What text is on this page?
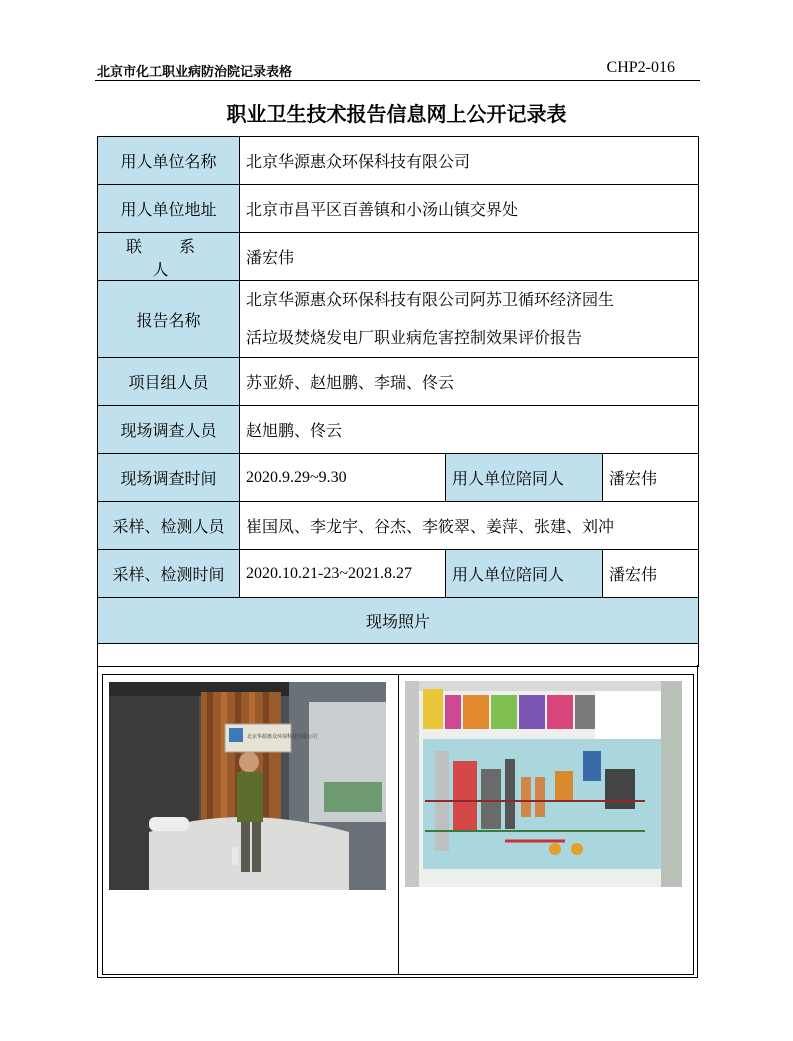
北京市化工职业病防治院记录表格	CHP2-016
职业卫生技术报告信息网上公开记录表
用人单位名称	北京华源惠众环保科技有限公司		
用人单位地址	北京市昌平区百善镇和小汤山镇交界处		
联 系 人	潘宏伟		
报告名称	北京华源惠众环保科技有限公司阿苏卫循环经济园生
活垃圾焚烧发电厂职业病危害控制效果评价报告		

项目组人员	苏亚娇、赵旭鹏、李瑞、佟云		
现场调查人员	赵旭鹏、佟云		
现场调查时间	2020.9.29~9.30	用人单位陪同人	潘宏伟
采样、检测人员	崔国凤、李龙宇、谷杰、李筱翠、姜萍、张建、刘冲		
采样、检测时间	2020.10.21-23~2021.8.27	用人单位陪同人	潘宏伟
现场照片			

北京华源惠众环保科技有限公司
